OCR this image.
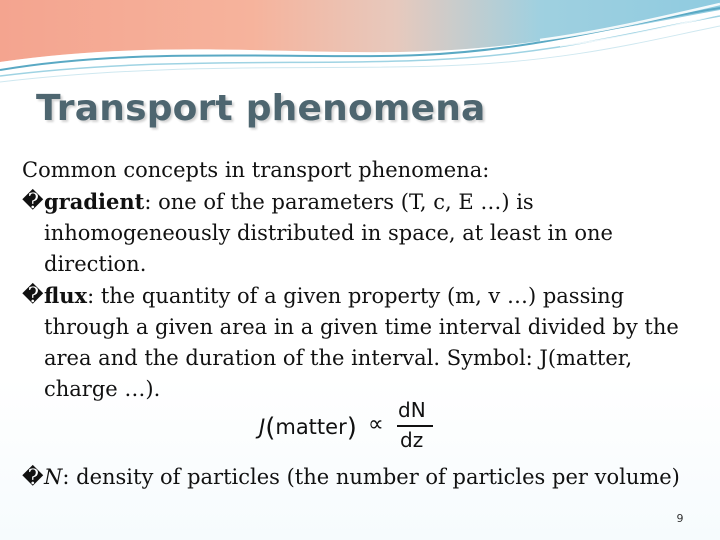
Transport phenomena

Common concepts in transport phenomena:

� gradient: one of the parameters (T, c, E …) is inhomogeneously distributed in space, at least in one direction.

� flux: the quantity of a given property (m, v …) passing through a given area in a given time interval divided by the area and the duration of the interval. Symbol: J(matter, charge …).

J(matter) ∝
dN
dz

� N: density of particles (the number of particles per volume)

9
